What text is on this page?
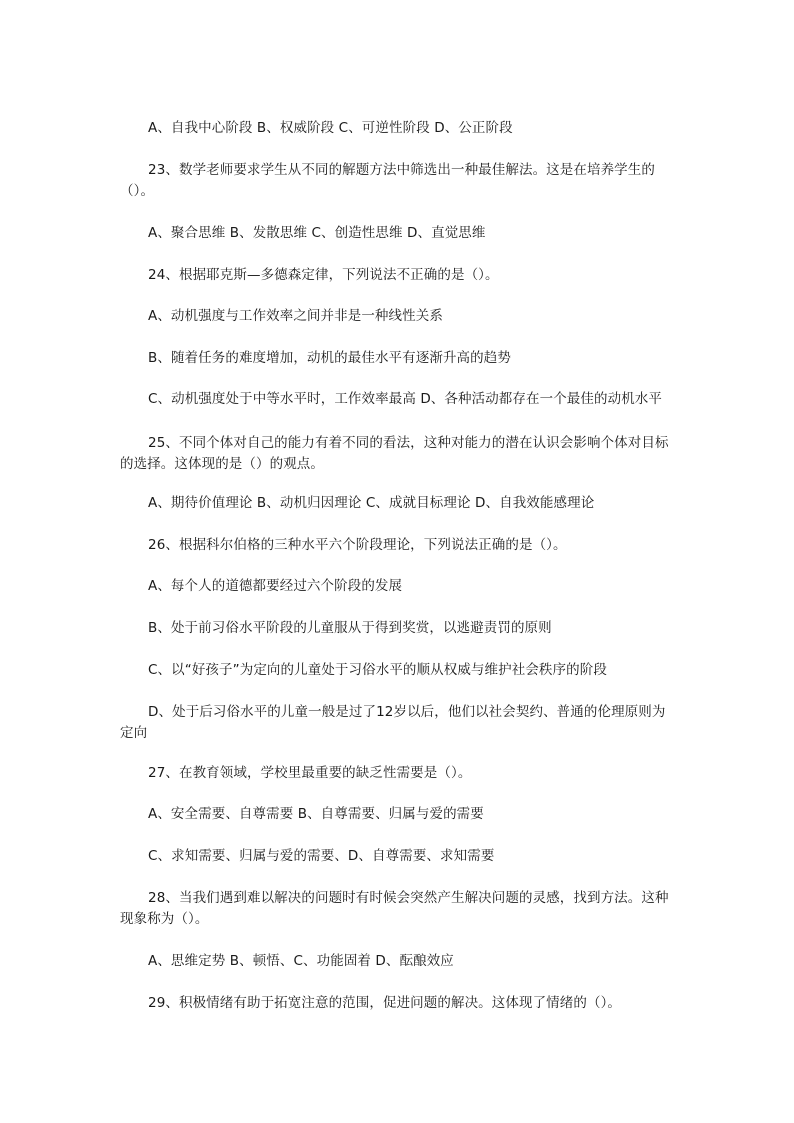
A、自我中心阶段 B、权威阶段 C、可逆性阶段 D、公正阶段
23、数学老师要求学生从不同的解题方法中筛选出一种最佳解法。这是在培养学生的（）。
A、聚合思维 B、发散思维 C、创造性思维 D、直觉思维
24、根据耶克斯—多德森定律，下列说法不正确的是（）。
A、动机强度与工作效率之间并非是一种线性关系
B、随着任务的难度增加，动机的最佳水平有逐渐升高的趋势
C、动机强度处于中等水平时，工作效率最高 D、各种活动都存在一个最佳的动机水平
25、不同个体对自己的能力有着不同的看法，这种对能力的潜在认识会影响个体对目标的选择。这体现的是（）的观点。
A、期待价值理论 B、动机归因理论 C、成就目标理论 D、自我效能感理论
26、根据科尔伯格的三种水平六个阶段理论，下列说法正确的是（）。
A、每个人的道德都要经过六个阶段的发展
B、处于前习俗水平阶段的儿童服从于得到奖赏，以逃避责罚的原则
C、以“好孩子”为定向的儿童处于习俗水平的顺从权威与维护社会秩序的阶段
D、处于后习俗水平的儿童一般是过了12岁以后，他们以社会契约、普通的伦理原则为定向
27、在教育领域，学校里最重要的缺乏性需要是（）。
A、安全需要、自尊需要 B、自尊需要、归属与爱的需要
C、求知需要、归属与爱的需要、D、自尊需要、求知需要
28、当我们遇到难以解决的问题时有时候会突然产生解决问题的灵感，找到方法。这种现象称为（）。
A、思维定势 B、顿悟、C、功能固着 D、酝酿效应
29、积极情绪有助于拓宽注意的范围，促进问题的解决。这体现了情绪的（）。
